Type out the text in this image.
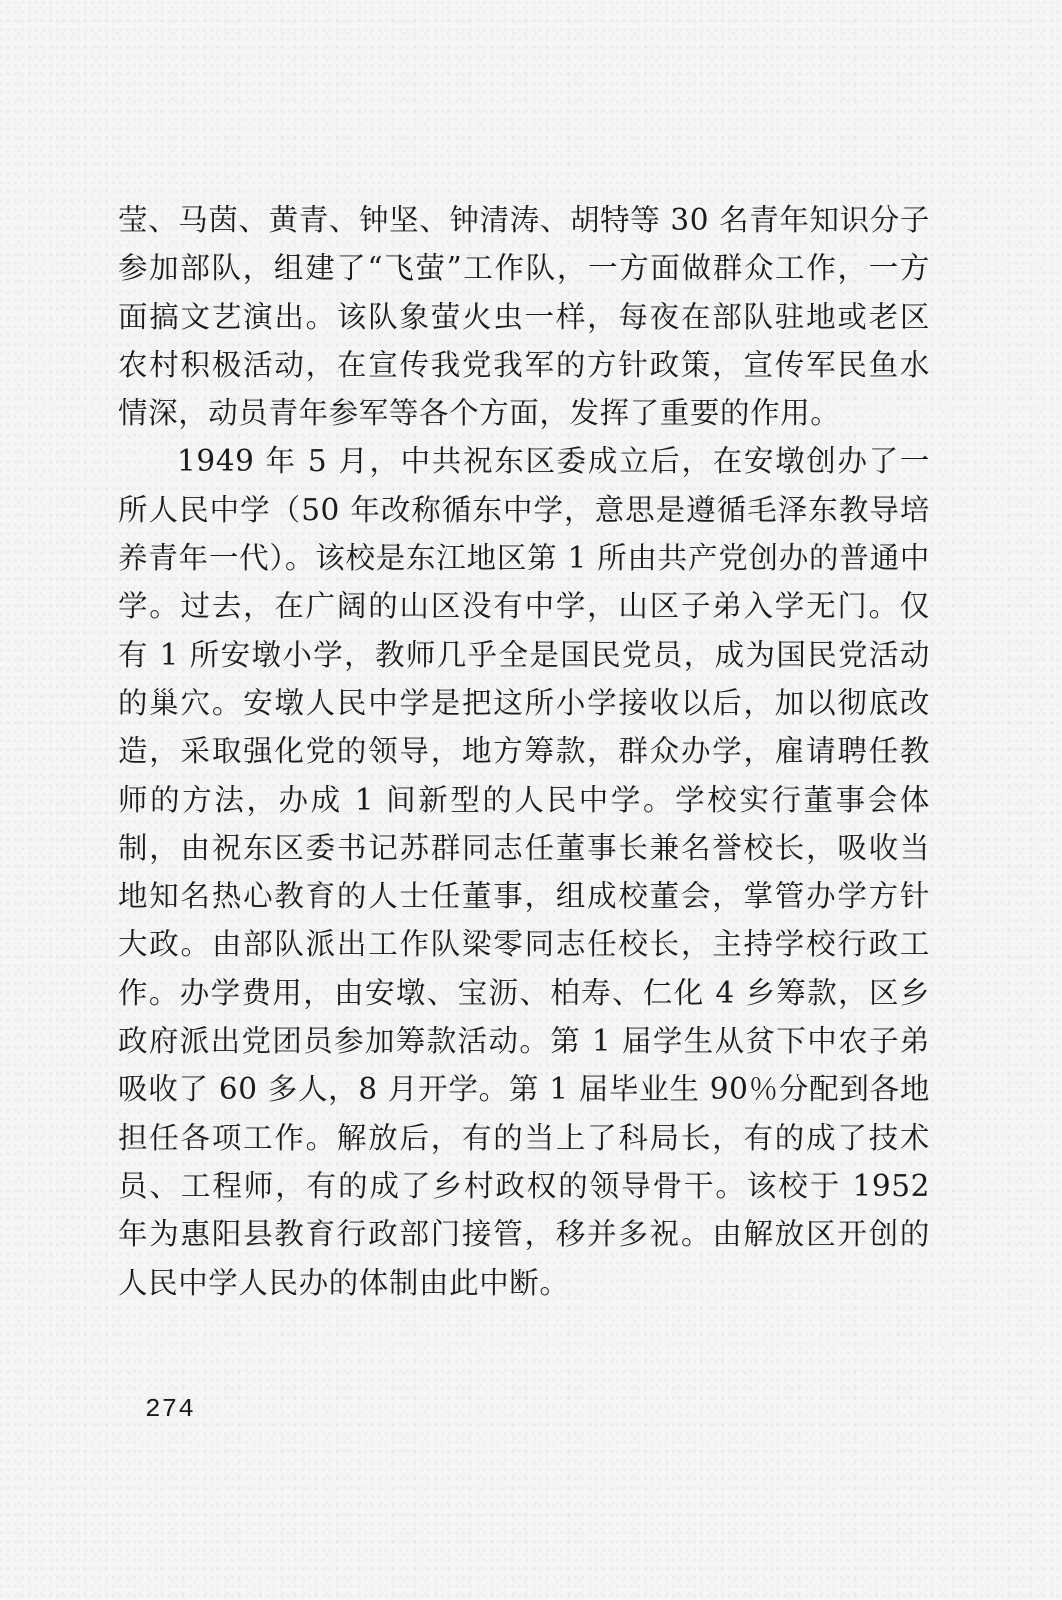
莹、马茵、黄青、钟坚、钟清涛、胡特等 30 名青年知识分子参加部队，组建了“飞萤”工作队，一方面做群众工作，一方面搞文艺演出。该队象萤火虫一样，每夜在部队驻地或老区农村积极活动，在宣传我党我军的方针政策，宣传军民鱼水情深，动员青年参军等各个方面，发挥了重要的作用。

1949 年 5 月，中共祝东区委成立后，在安墩创办了一所人民中学（50 年改称循东中学，意思是遵循毛泽东教导培养青年一代）。该校是东江地区第 1 所由共产党创办的普通中学。过去，在广阔的山区没有中学，山区子弟入学无门。仅有 1 所安墩小学，教师几乎全是国民党员，成为国民党活动的巢穴。安墩人民中学是把这所小学接收以后，加以彻底改造，采取强化党的领导，地方筹款，群众办学，雇请聘任教师的方法，办成 1 间新型的人民中学。学校实行董事会体制，由祝东区委书记苏群同志任董事长兼名誉校长，吸收当地知名热心教育的人士任董事，组成校董会，掌管办学方针大政。由部队派出工作队梁零同志任校长，主持学校行政工作。办学费用，由安墩、宝沥、柏寿、仁化 4 乡筹款，区乡政府派出党团员参加筹款活动。第 1 届学生从贫下中农子弟吸收了 60 多人，8 月开学。第 1 届毕业生 90％分配到各地担任各项工作。解放后，有的当上了科局长，有的成了技术员、工程师，有的成了乡村政权的领导骨干。该校于 1952 年为惠阳县教育行政部门接管，移并多祝。由解放区开创的人民中学人民办的体制由此中断。

274
